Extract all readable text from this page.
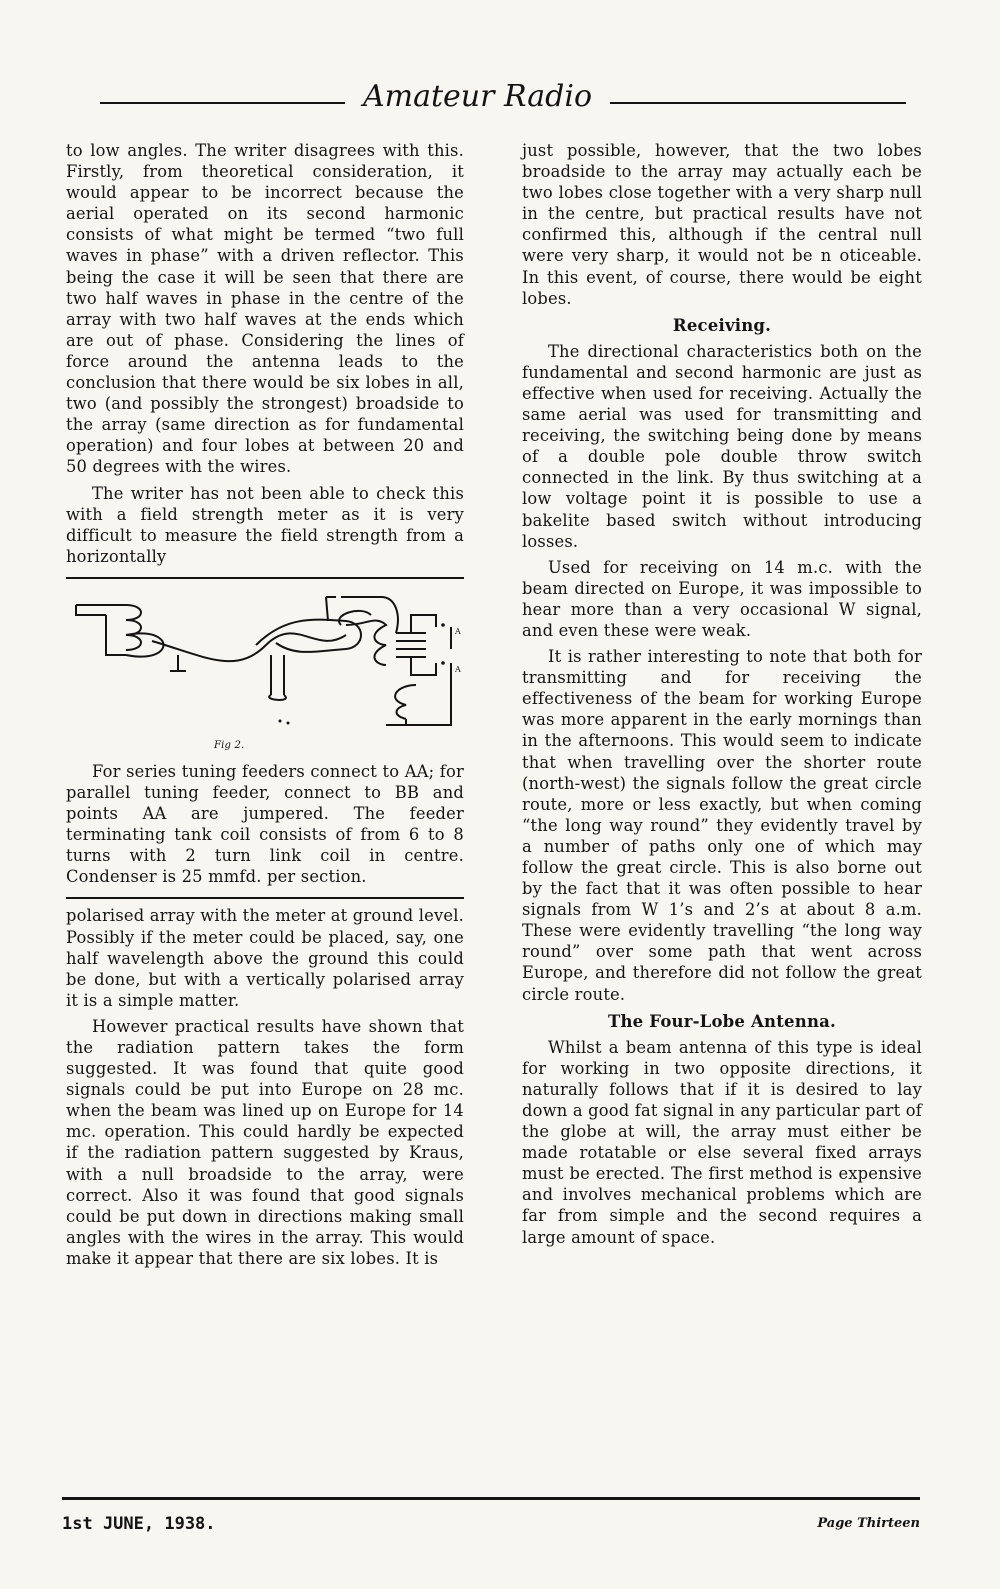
Amateur Radio

to low angles. The writer disagrees with this. Firstly, from theoretical consideration, it would appear to be incorrect because the aerial operated on its second harmonic consists of what might be termed “two full waves in phase” with a driven reflector. This being the case it will be seen that there are two half waves in phase in the centre of the array with two half waves at the ends which are out of phase. Considering the lines of force around the antenna leads to the conclusion that there would be six lobes in all, two (and possibly the strongest) broadside to the array (same direction as for fundamental operation) and four lobes at between 20 and 50 degrees with the wires.

The writer has not been able to check this with a field strength meter as it is very difficult to measure the field strength from a horizontally

A
A
Fig 2.

For series tuning feeders connect to AA; for parallel tuning feeder, connect to BB and points AA are jumpered. The feeder terminating tank coil consists of from 6 to 8 turns with 2 turn link coil in centre. Condenser is 25 mmfd. per section.

polarised array with the meter at ground level. Possibly if the meter could be placed, say, one half wavelength above the ground this could be done, but with a vertically polarised array it is a simple matter.

However practical results have shown that the radiation pattern takes the form suggested. It was found that quite good signals could be put into Europe on 28 mc. when the beam was lined up on Europe for 14 mc. operation. This could hardly be expected if the radiation pattern suggested by Kraus, with a null broadside to the array, were correct. Also it was found that good signals could be put down in directions making small angles with the wires in the array. This would make it appear that there are six lobes. It is

just possible, however, that the two lobes broadside to the array may actually each be two lobes close together with a very sharp null in the centre, but practical results have not confirmed this, although if the central null were very sharp, it would not be n oticeable. In this event, of course, there would be eight lobes.

Receiving.

The directional characteristics both on the fundamental and second harmonic are just as effective when used for receiving. Actually the same aerial was used for transmitting and receiving, the switching being done by means of a double pole double throw switch connected in the link. By thus switching at a low voltage point it is possible to use a bakelite based switch without introducing losses.

Used for receiving on 14 m.c. with the beam directed on Europe, it was impossible to hear more than a very occasional W signal, and even these were weak.

It is rather interesting to note that both for transmitting and for receiving the effectiveness of the beam for working Europe was more apparent in the early mornings than in the afternoons. This would seem to indicate that when travelling over the shorter route (north-west) the signals follow the great circle route, more or less exactly, but when coming “the long way round” they evidently travel by a number of paths only one of which may follow the great circle. This is also borne out by the fact that it was often possible to hear signals from W 1’s and 2’s at about 8 a.m. These were evidently travelling “the long way round” over some path that went across Europe, and therefore did not follow the great circle route.

The Four-Lobe Antenna.

Whilst a beam antenna of this type is ideal for working in two opposite directions, it naturally follows that if it is desired to lay down a good fat signal in any particular part of the globe at will, the array must either be made rotatable or else several fixed arrays must be erected. The first method is expensive and involves mechanical problems which are far from simple and the second requires a large amount of space.

1st JUNE, 1938.	Page Thirteen
